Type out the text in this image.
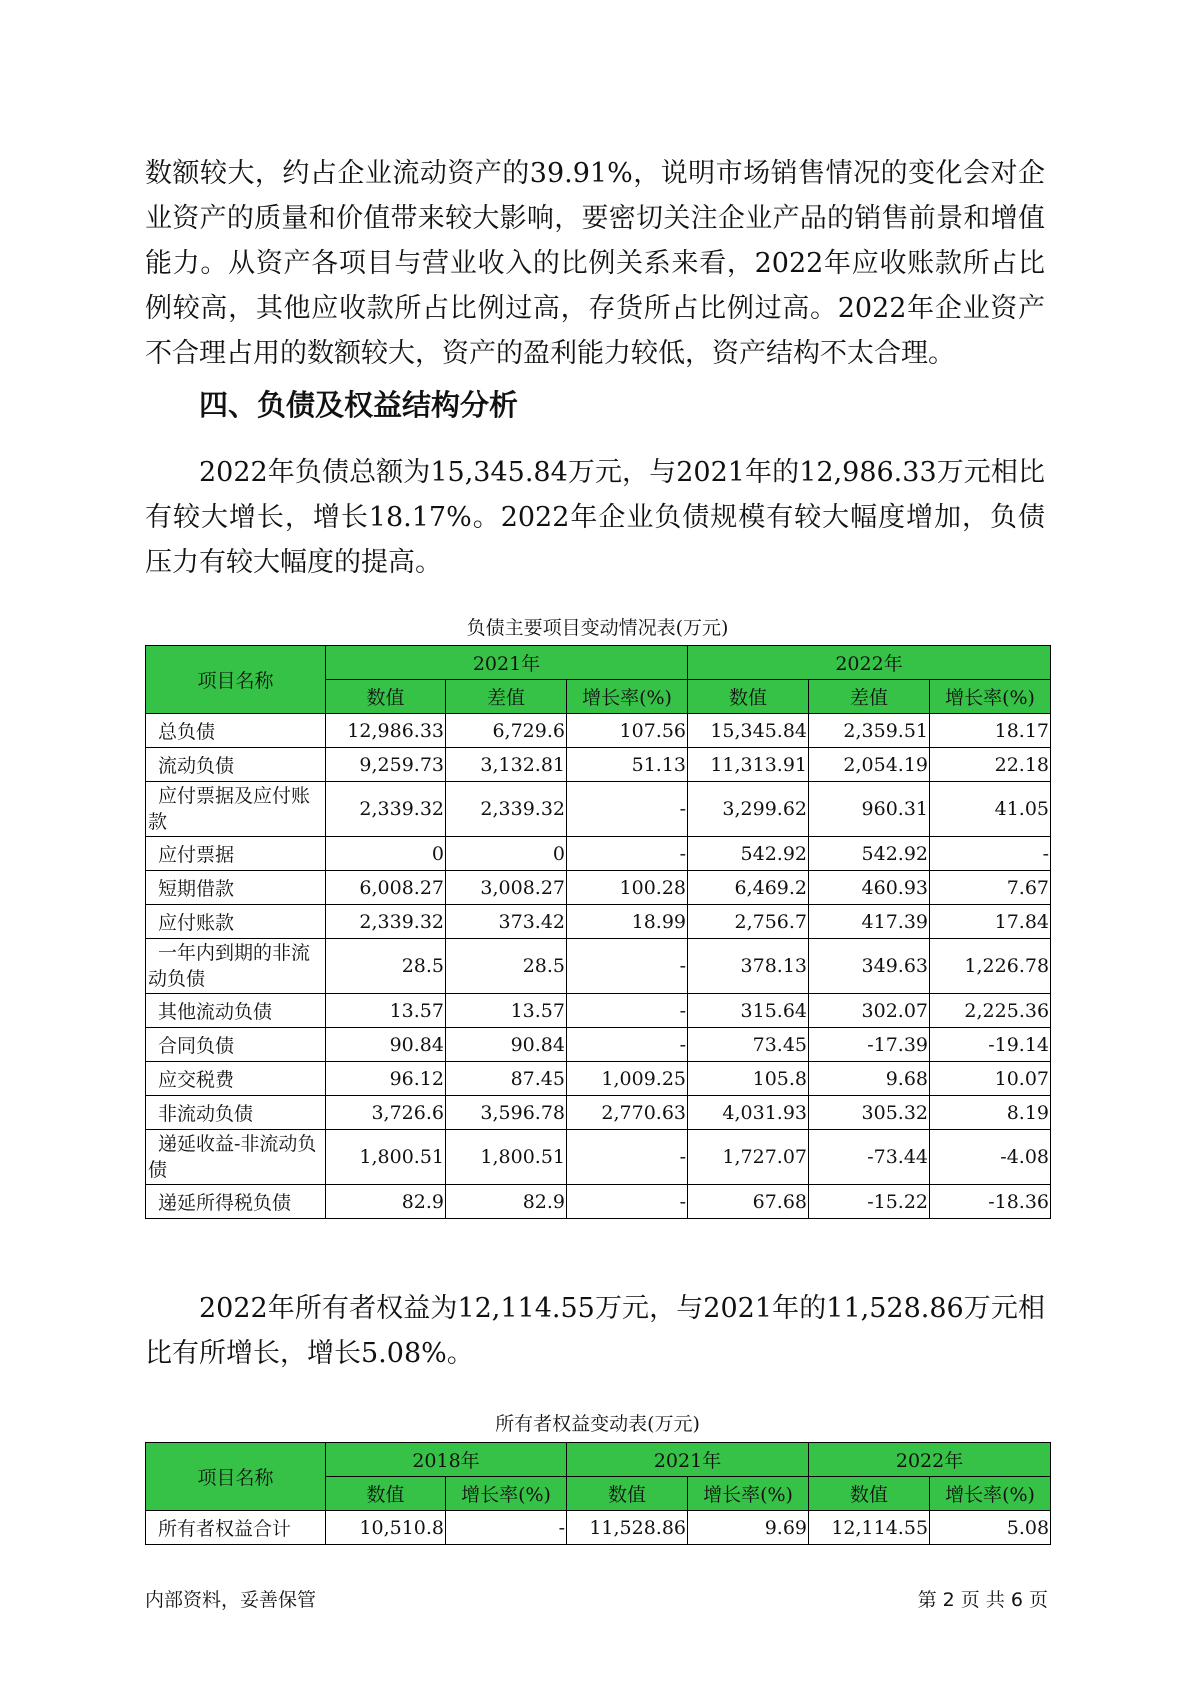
数额较大，约占企业流动资产的39.91%，说明市场销售情况的变化会对企业资产的质量和价值带来较大影响，要密切关注企业产品的销售前景和增值能力。从资产各项目与营业收入的比例关系来看，2022年应收账款所占比例较高，其他应收款所占比例过高，存货所占比例过高。2022年企业资产不合理占用的数额较大，资产的盈利能力较低，资产结构不太合理。

四、负债及权益结构分析

2022年负债总额为15,345.84万元，与2021年的12,986.33万元相比有较大增长，增长18.17%。2022年企业负债规模有较大幅度增加，负债压力有较大幅度的提高。

负债主要项目变动情况表(万元)

项目名称	2021年			2022年		
	数值	差值	增长率(%)	数值	差值	增长率(%)
总负债	12,986.33	6,729.6	107.56	15,345.84	2,359.51	18.17
流动负债	9,259.73	3,132.81	51.13	11,313.91	2,054.19	22.18
应付票据及应付账款	2,339.32	2,339.32	-	3,299.62	960.31	41.05
应付票据	0	0	-	542.92	542.92	-
短期借款	6,008.27	3,008.27	100.28	6,469.2	460.93	7.67
应付账款	2,339.32	373.42	18.99	2,756.7	417.39	17.84
一年内到期的非流动负债	28.5	28.5	-	378.13	349.63	1,226.78
其他流动负债	13.57	13.57	-	315.64	302.07	2,225.36
合同负债	90.84	90.84	-	73.45	-17.39	-19.14
应交税费	96.12	87.45	1,009.25	105.8	9.68	10.07
非流动负债	3,726.6	3,596.78	2,770.63	4,031.93	305.32	8.19
递延收益-非流动负债	1,800.51	1,800.51	-	1,727.07	-73.44	-4.08
递延所得税负债	82.9	82.9	-	67.68	-15.22	-18.36

2022年所有者权益为12,114.55万元，与2021年的11,528.86万元相比有所增长，增长5.08%。

所有者权益变动表(万元)

项目名称	2018年		2021年		2022年	
	数值	增长率(%)	数值	增长率(%)	数值	增长率(%)
所有者权益合计	10,510.8	-	11,528.86	9.69	12,114.55	5.08

内部资料，妥善保管	第 2 页 共 6 页
